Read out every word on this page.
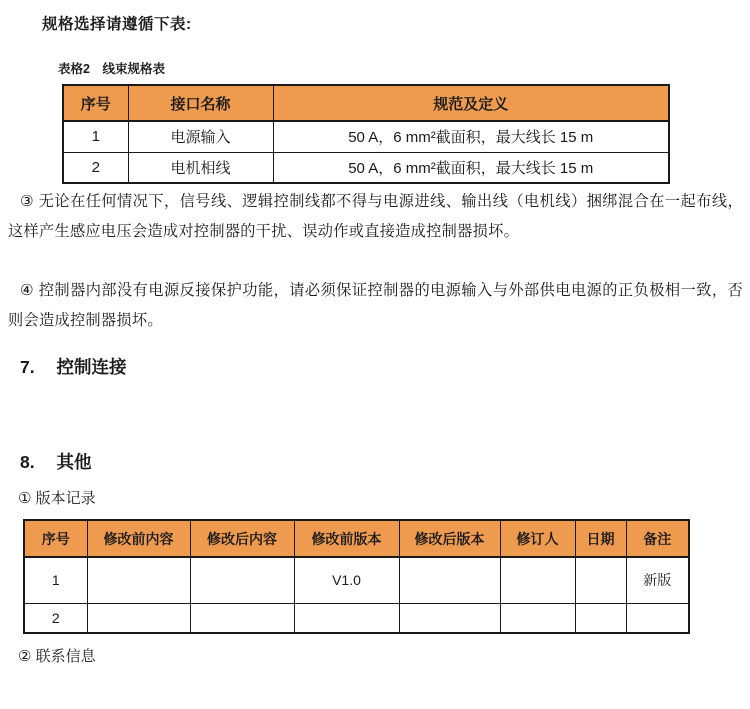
规格选择请遵循下表:

表格2 线束规格表

序号	接口名称	规范及定义
1	电源输入	50 A，6 mm²截面积，最大线长 15 m
2	电机相线	50 A，6 mm²截面积，最大线长 15 m

③ 无论在任何情况下，信号线、逻辑控制线都不得与电源进线、输出线（电机线）捆绑混合在一起布线，这样产生感应电压会造成对控制器的干扰、误动作或直接造成控制器损坏。

④ 控制器内部没有电源反接保护功能，请必须保证控制器的电源输入与外部供电电源的正负极相一致，否则会造成控制器损坏。

7. 控制连接
8. 其他

① 版本记录

序号	修改前内容	修改后内容	修改前版本	修改后版本	修订人	日期	备注
1			V1.0				新版
2							

② 联系信息
